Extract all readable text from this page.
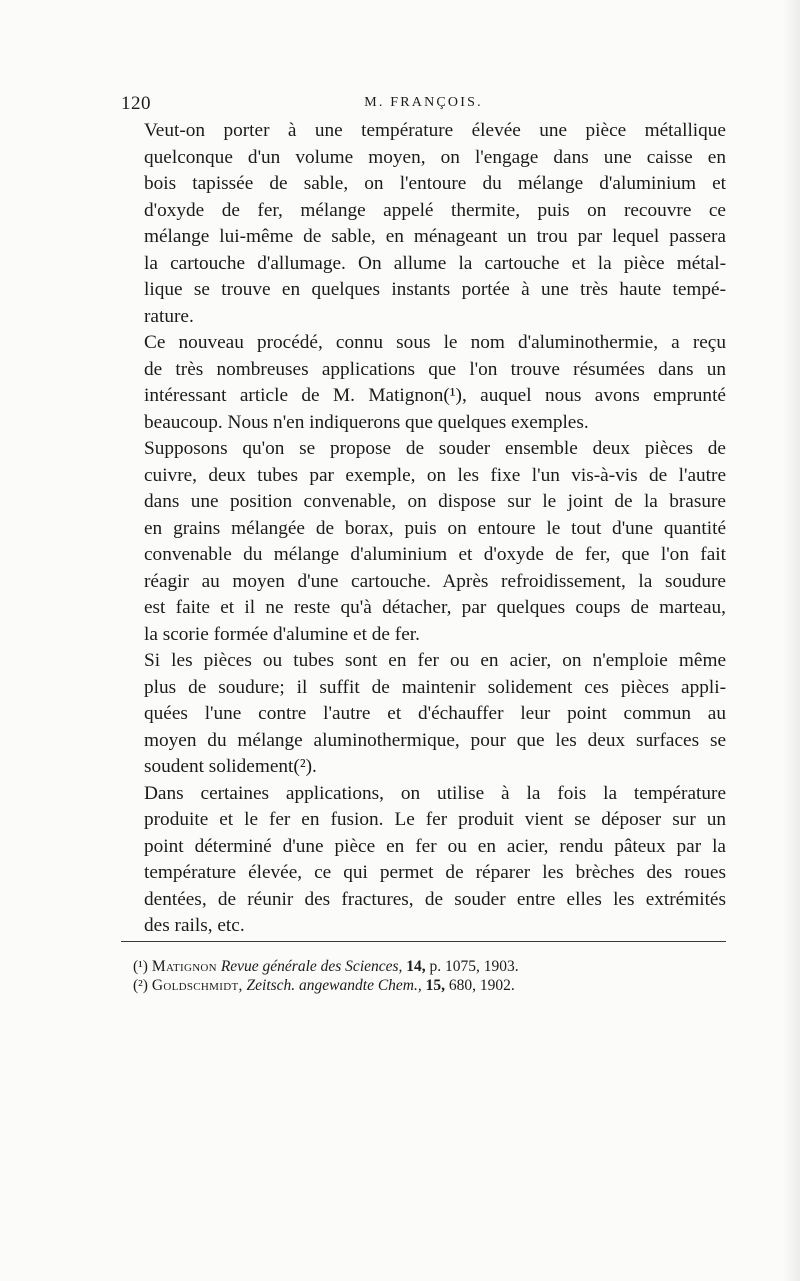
120	M. FRANÇOIS.

Veut-on porter à une température élevée une pièce métallique
quelconque d'un volume moyen, on l'engage dans une caisse en
bois tapissée de sable, on l'entoure du mélange d'aluminium et
d'oxyde de fer, mélange appelé thermite, puis on recouvre ce
mélange lui-même de sable, en ménageant un trou par lequel passera
la cartouche d'allumage. On allume la cartouche et la pièce métal-
lique se trouve en quelques instants portée à une très haute tempé-
rature.

Ce nouveau procédé, connu sous le nom d'aluminothermie, a reçu
de très nombreuses applications que l'on trouve résumées dans un
intéressant article de M. Matignon(¹), auquel nous avons emprunté
beaucoup. Nous n'en indiquerons que quelques exemples.

Supposons qu'on se propose de souder ensemble deux pièces de
cuivre, deux tubes par exemple, on les fixe l'un vis-à-vis de l'autre
dans une position convenable, on dispose sur le joint de la brasure
en grains mélangée de borax, puis on entoure le tout d'une quantité
convenable du mélange d'aluminium et d'oxyde de fer, que l'on fait
réagir au moyen d'une cartouche. Après refroidissement, la soudure
est faite et il ne reste qu'à détacher, par quelques coups de marteau,
la scorie formée d'alumine et de fer.

Si les pièces ou tubes sont en fer ou en acier, on n'emploie même
plus de soudure; il suffit de maintenir solidement ces pièces appli-
quées l'une contre l'autre et d'échauffer leur point commun au
moyen du mélange aluminothermique, pour que les deux surfaces se
soudent solidement(²).

Dans certaines applications, on utilise à la fois la température
produite et le fer en fusion. Le fer produit vient se déposer sur un
point déterminé d'une pièce en fer ou en acier, rendu pâteux par la
température élevée, ce qui permet de réparer les brèches des roues
dentées, de réunir des fractures, de souder entre elles les extrémités
des rails, etc.

(¹) Matignon Revue générale des Sciences, 14, p. 1075, 1903.

(²) Goldschmidt, Zeitsch. angewandte Chem., 15, 680, 1902.
